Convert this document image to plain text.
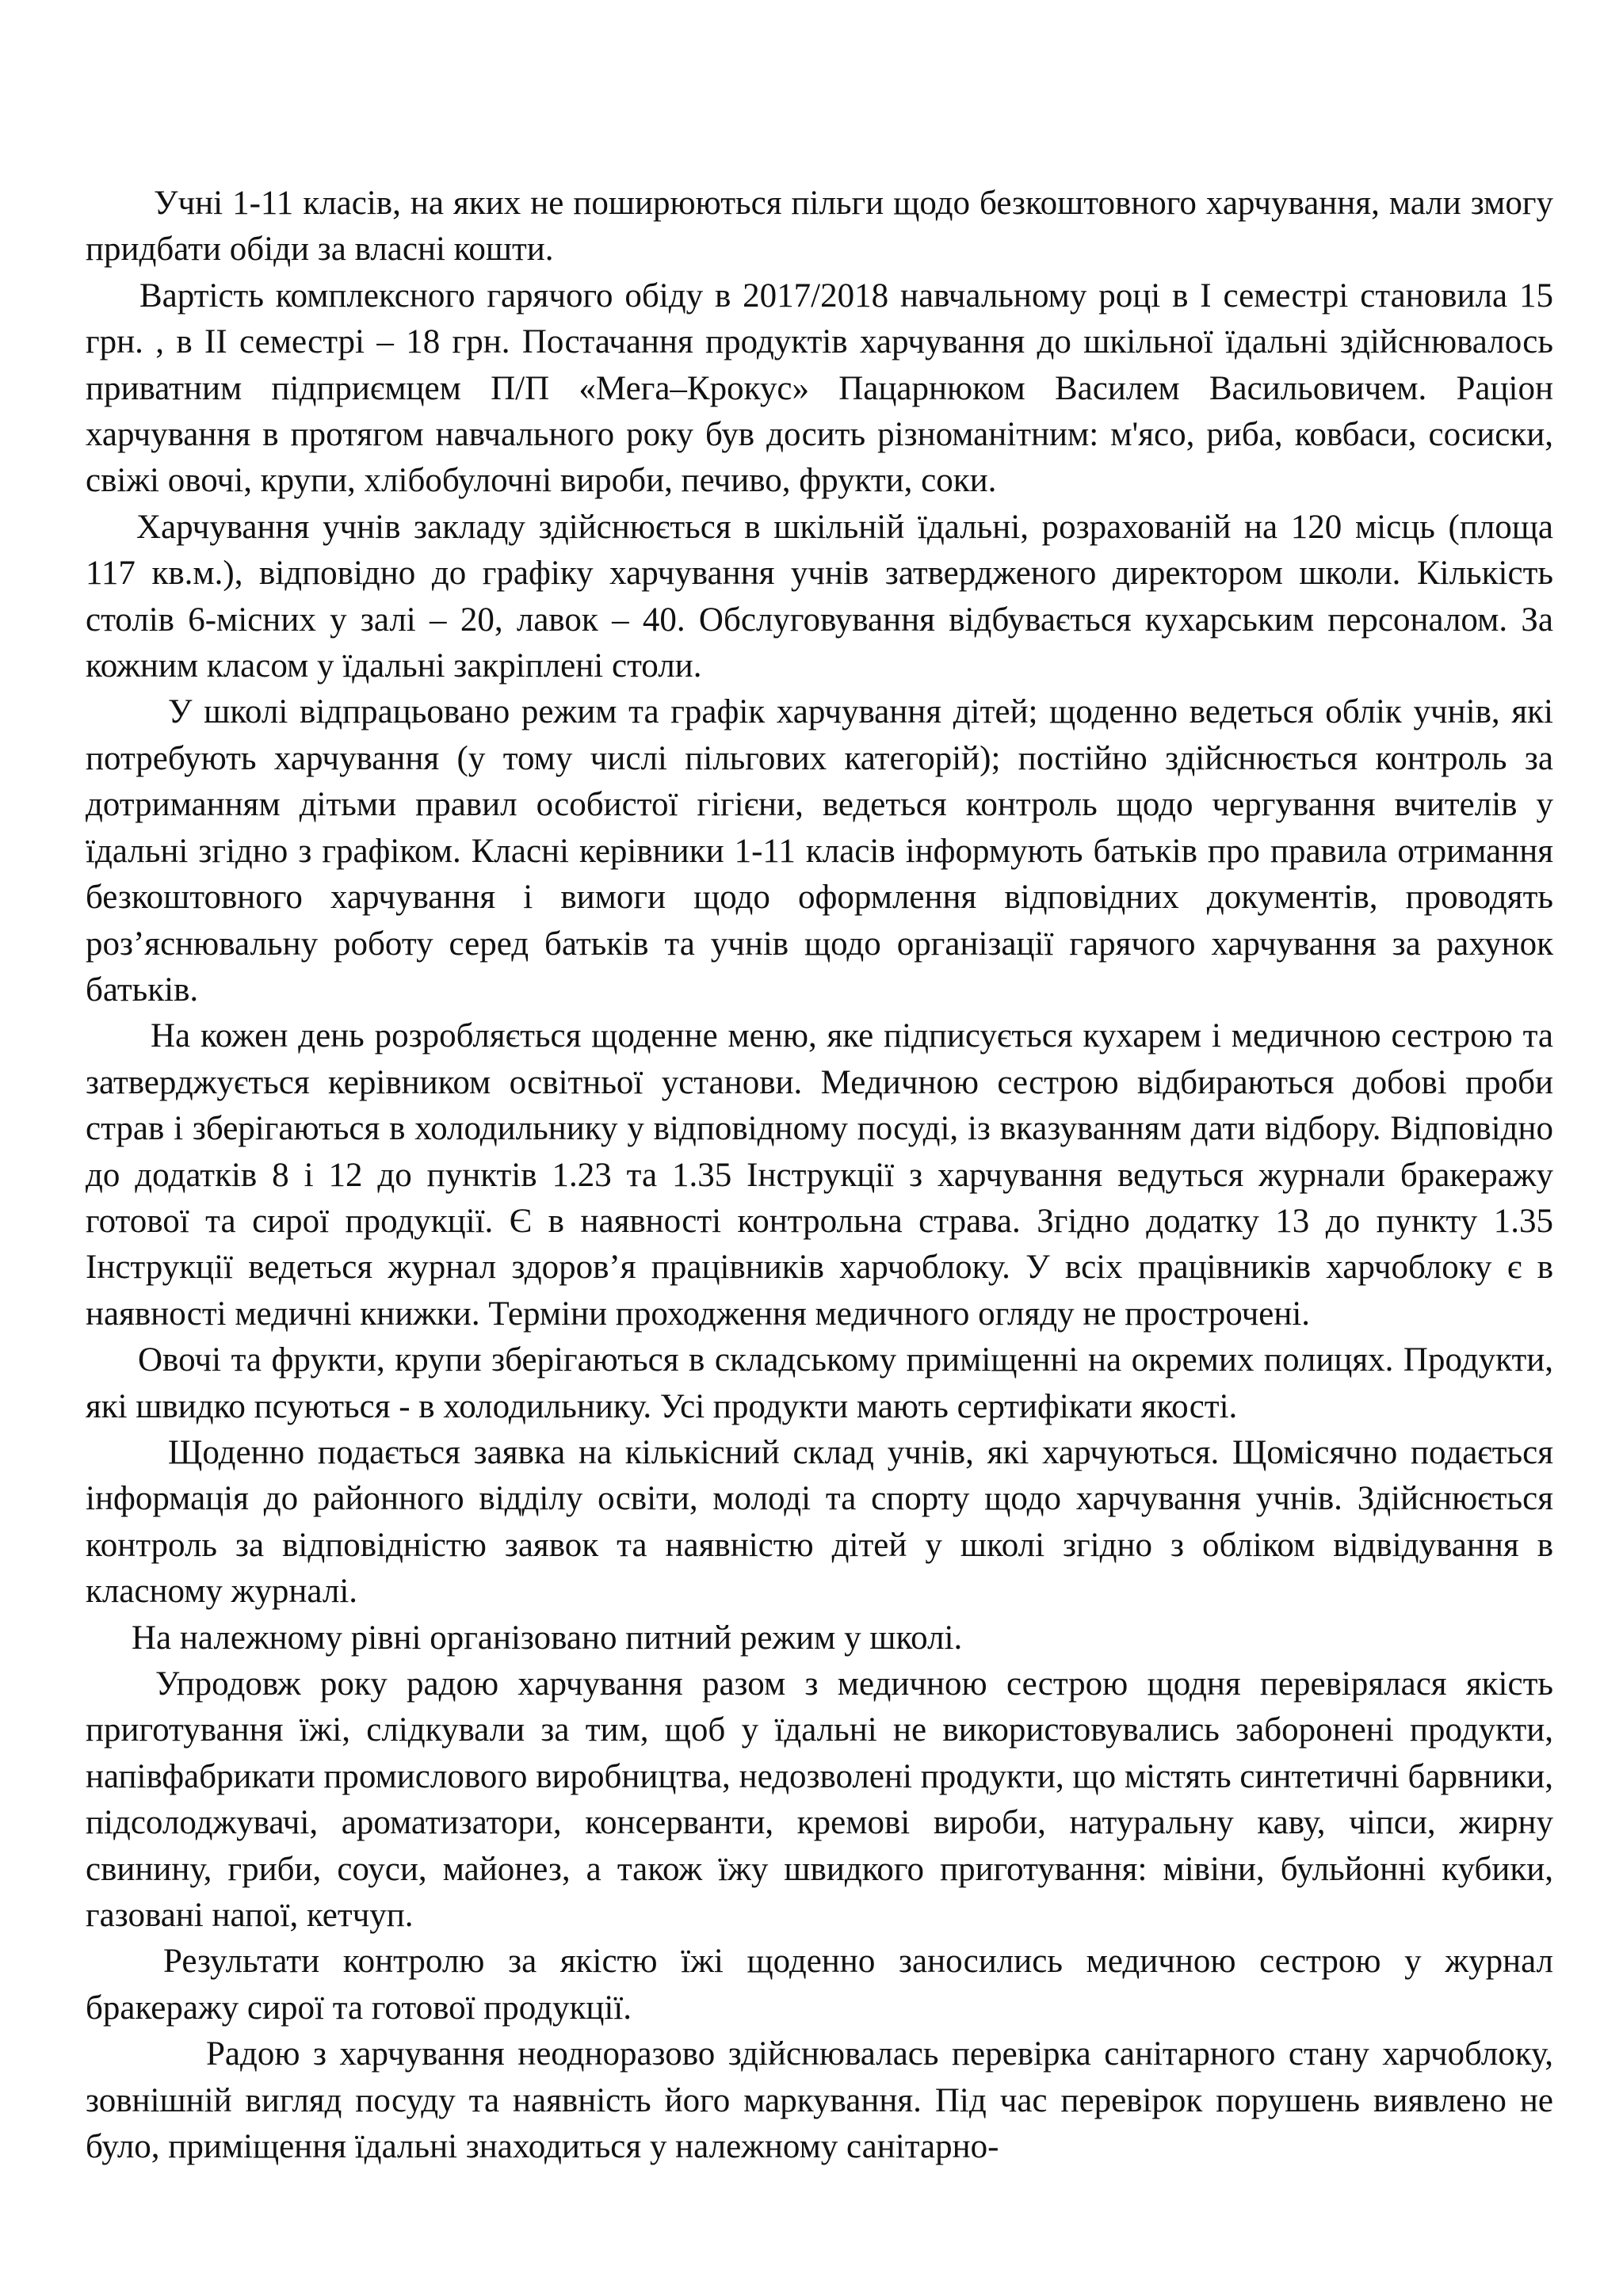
Учні 1-11 класів, на яких не поширюються пільги щодо безкоштовного харчування, мали змогу придбати обіди за власні кошти.

Вартість комплексного гарячого обіду в 2017/2018 навчальному році в І семестрі становила 15 грн. , в ІІ семестрі – 18 грн. Постачання продуктів харчування до шкільної їдальні здійснювалось приватним підприємцем П/П «Мега–Крокус» Пацарнюком Василем Васильовичем. Раціон харчування в протягом навчального року був досить різноманітним: м'ясо, риба, ковбаси, сосиски, свіжі овочі, крупи, хлібобулочні вироби, печиво, фрукти, соки.

Харчування учнів закладу здійснюється в шкільній їдальні, розрахованій на 120 місць (площа 117 кв.м.), відповідно до графіку харчування учнів затвердженого директором школи. Кількість столів 6-місних у залі – 20, лавок – 40. Обслуговування відбувається кухарським персоналом. За кожним класом у їдальні закріплені столи.

У школі відпрацьовано режим та графік харчування дітей; щоденно ведеться облік учнів, які потребують харчування (у тому числі пільгових категорій); постійно здійснюється контроль за дотриманням дітьми правил особистої гігієни, ведеться контроль щодо чергування вчителів у їдальні згідно з графіком. Класні керівники 1-11 класів інформують батьків про правила отримання безкоштовного харчування і вимоги щодо оформлення відповідних документів, проводять роз’яснювальну роботу серед батьків та учнів щодо організації гарячого харчування за рахунок батьків.

На кожен день розробляється щоденне меню, яке підписується кухарем і медичною сестрою та затверджується керівником освітньої установи. Медичною сестрою відбираються добові проби страв і зберігаються в холодильнику у відповідному посуді, із вказуванням дати відбору. Відповідно до додатків 8 і 12 до пунктів 1.23 та 1.35 Інструкції з харчування ведуться журнали бракеражу готової та сирої продукції. Є в наявності контрольна страва. Згідно додатку 13 до пункту 1.35 Інструкції ведеться журнал здоров’я працівників харчоблоку. У всіх працівників харчоблоку є в наявності медичні книжки. Терміни проходження медичного огляду не прострочені.

Овочі та фрукти, крупи зберігаються в складському приміщенні на окремих полицях. Продукти, які швидко псуються - в холодильнику. Усі продукти мають сертифікати якості.

Щоденно подається заявка на кількісний склад учнів, які харчуються. Щомісячно подається інформація до районного відділу освіти, молоді та спорту щодо харчування учнів. Здійснюється контроль за відповідністю заявок та наявністю дітей у школі згідно з обліком відвідування в класному журналі.

На належному рівні організовано питний режим у школі.

Упродовж року радою харчування разом з медичною сестрою щодня перевірялася якість приготування їжі, слідкували за тим, щоб у їдальні не використовувались заборонені продукти, напівфабрикати промислового виробництва, недозволені продукти, що містять синтетичні барвники, підсолоджувачі, ароматизатори, консерванти, кремові вироби, натуральну каву, чіпси, жирну свинину, гриби, соуси, майонез, а також їжу швидкого приготування: мівіни, бульйонні кубики, газовані напої, кетчуп.

Результати контролю за якістю їжі щоденно заносились медичною сестрою у журнал бракеражу сирої та готової продукції.

Радою з харчування неодноразово здійснювалась перевірка санітарного стану харчоблоку, зовнішній вигляд посуду та наявність його маркування. Під час перевірок порушень виявлено не було, приміщення їдальні знаходиться у належному санітарно-
